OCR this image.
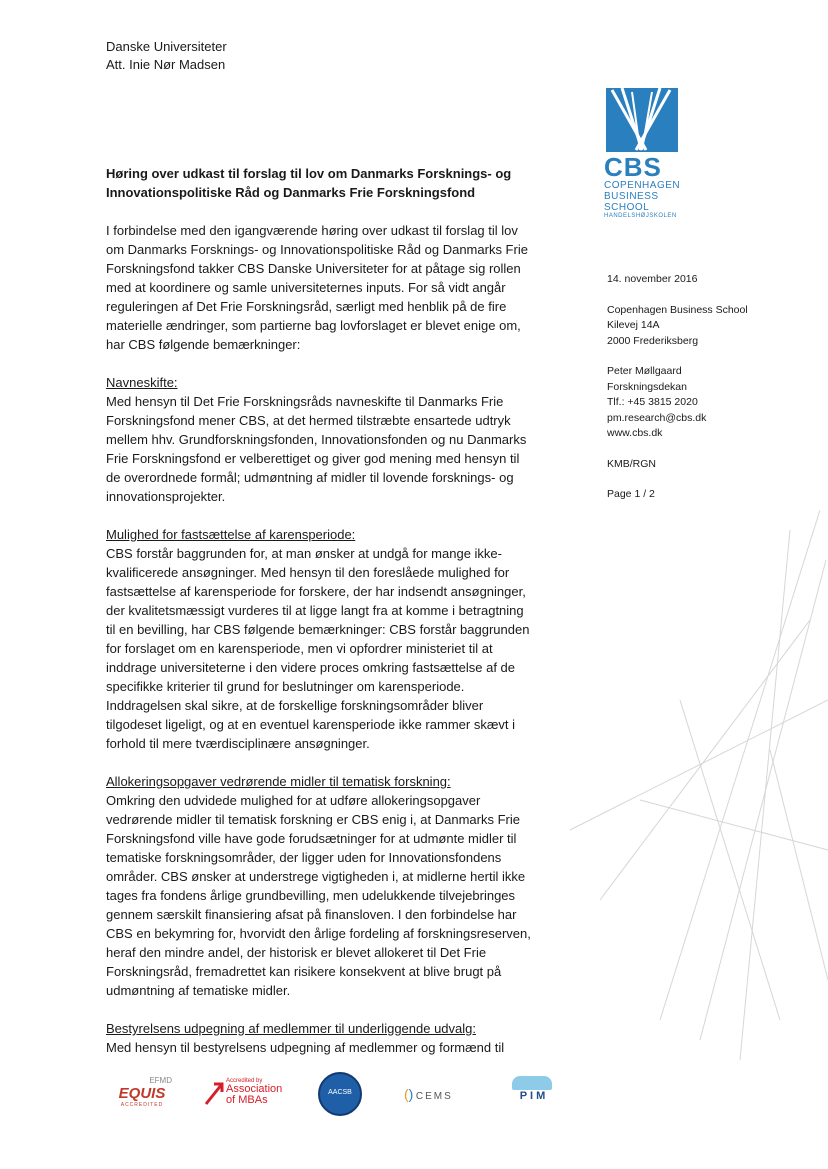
Danske Universiteter
Att. Inie Nør Madsen
CBS
COPENHAGEN
BUSINESS SCHOOL
HANDELSHØJSKOLEN
Høring over udkast til forslag til lov om Danmarks Forsknings- og
Innovationspolitiske Råd og Danmarks Frie Forskningsfond
I forbindelse med den igangværende høring over udkast til forslag til lov
om Danmarks Forsknings- og Innovationspolitiske Råd og Danmarks Frie
Forskningsfond takker CBS Danske Universiteter for at påtage sig rollen
med at koordinere og samle universiteternes inputs. For så vidt angår
reguleringen af Det Frie Forskningsråd, særligt med henblik på de fire
materielle ændringer, som partierne bag lovforslaget er blevet enige om,
har CBS følgende bemærkninger:
Navneskifte:
Med hensyn til Det Frie Forskningsråds navneskifte til Danmarks Frie
Forskningsfond mener CBS, at det hermed tilstræbte ensartede udtryk
mellem hhv. Grundforskningsfonden, Innovationsfonden og nu Danmarks
Frie Forskningsfond er velberettiget og giver god mening med hensyn til
de overordnede formål; udmøntning af midler til lovende forsknings- og
innovationsprojekter.
Mulighed for fastsættelse af karensperiode:
CBS forstår baggrunden for, at man ønsker at undgå for mange ikke-
kvalificerede ansøgninger. Med hensyn til den foreslåede mulighed for
fastsættelse af karensperiode for forskere, der har indsendt ansøgninger,
der kvalitetsmæssigt vurderes til at ligge langt fra at komme i betragtning
til en bevilling, har CBS følgende bemærkninger: CBS forstår baggrunden
for forslaget om en karensperiode, men vi opfordrer ministeriet til at
inddrage universiteterne i den videre proces omkring fastsættelse af de
specifikke kriterier til grund for beslutninger om karensperiode.
Inddragelsen skal sikre, at de forskellige forskningsområder bliver
tilgodeset ligeligt, og at en eventuel karensperiode ikke rammer skævt i
forhold til mere tværdisciplinære ansøgninger.
Allokeringsopgaver vedrørende midler til tematisk forskning:
Omkring den udvidede mulighed for at udføre allokeringsopgaver
vedrørende midler til tematisk forskning er CBS enig i, at Danmarks Frie
Forskningsfond ville have gode forudsætninger for at udmønte midler til
tematiske forskningsområder, der ligger uden for Innovationsfondens
områder. CBS ønsker at understrege vigtigheden i, at midlerne hertil ikke
tages fra fondens årlige grundbevilling, men udelukkende tilvejebringes
gennem særskilt finansiering afsat på finansloven. I den forbindelse har
CBS en bekymring for, hvorvidt den årlige fordeling af forskningsreserven,
heraf den mindre andel, der historisk er blevet allokeret til Det Frie
Forskningsråd, fremadrettet kan risikere konsekvent at blive brugt på
udmøntning af tematiske midler.
Bestyrelsens udpegning af medlemmer til underliggende udvalg:
Med hensyn til bestyrelsens udpegning af medlemmer og formænd til
14. november 2016
Copenhagen Business School
Kilevej 14A
2000 Frederiksberg
Peter Møllgaard
Forskningsdekan
Tlf.: +45 3815 2020
pm.research@cbs.dk
www.cbs.dk
KMB/RGN
Page 1 / 2
EFMD
EQUIS
ACCREDITED
Accredited by
Association
of MBAs
AACSB	() CEMS	PIM
